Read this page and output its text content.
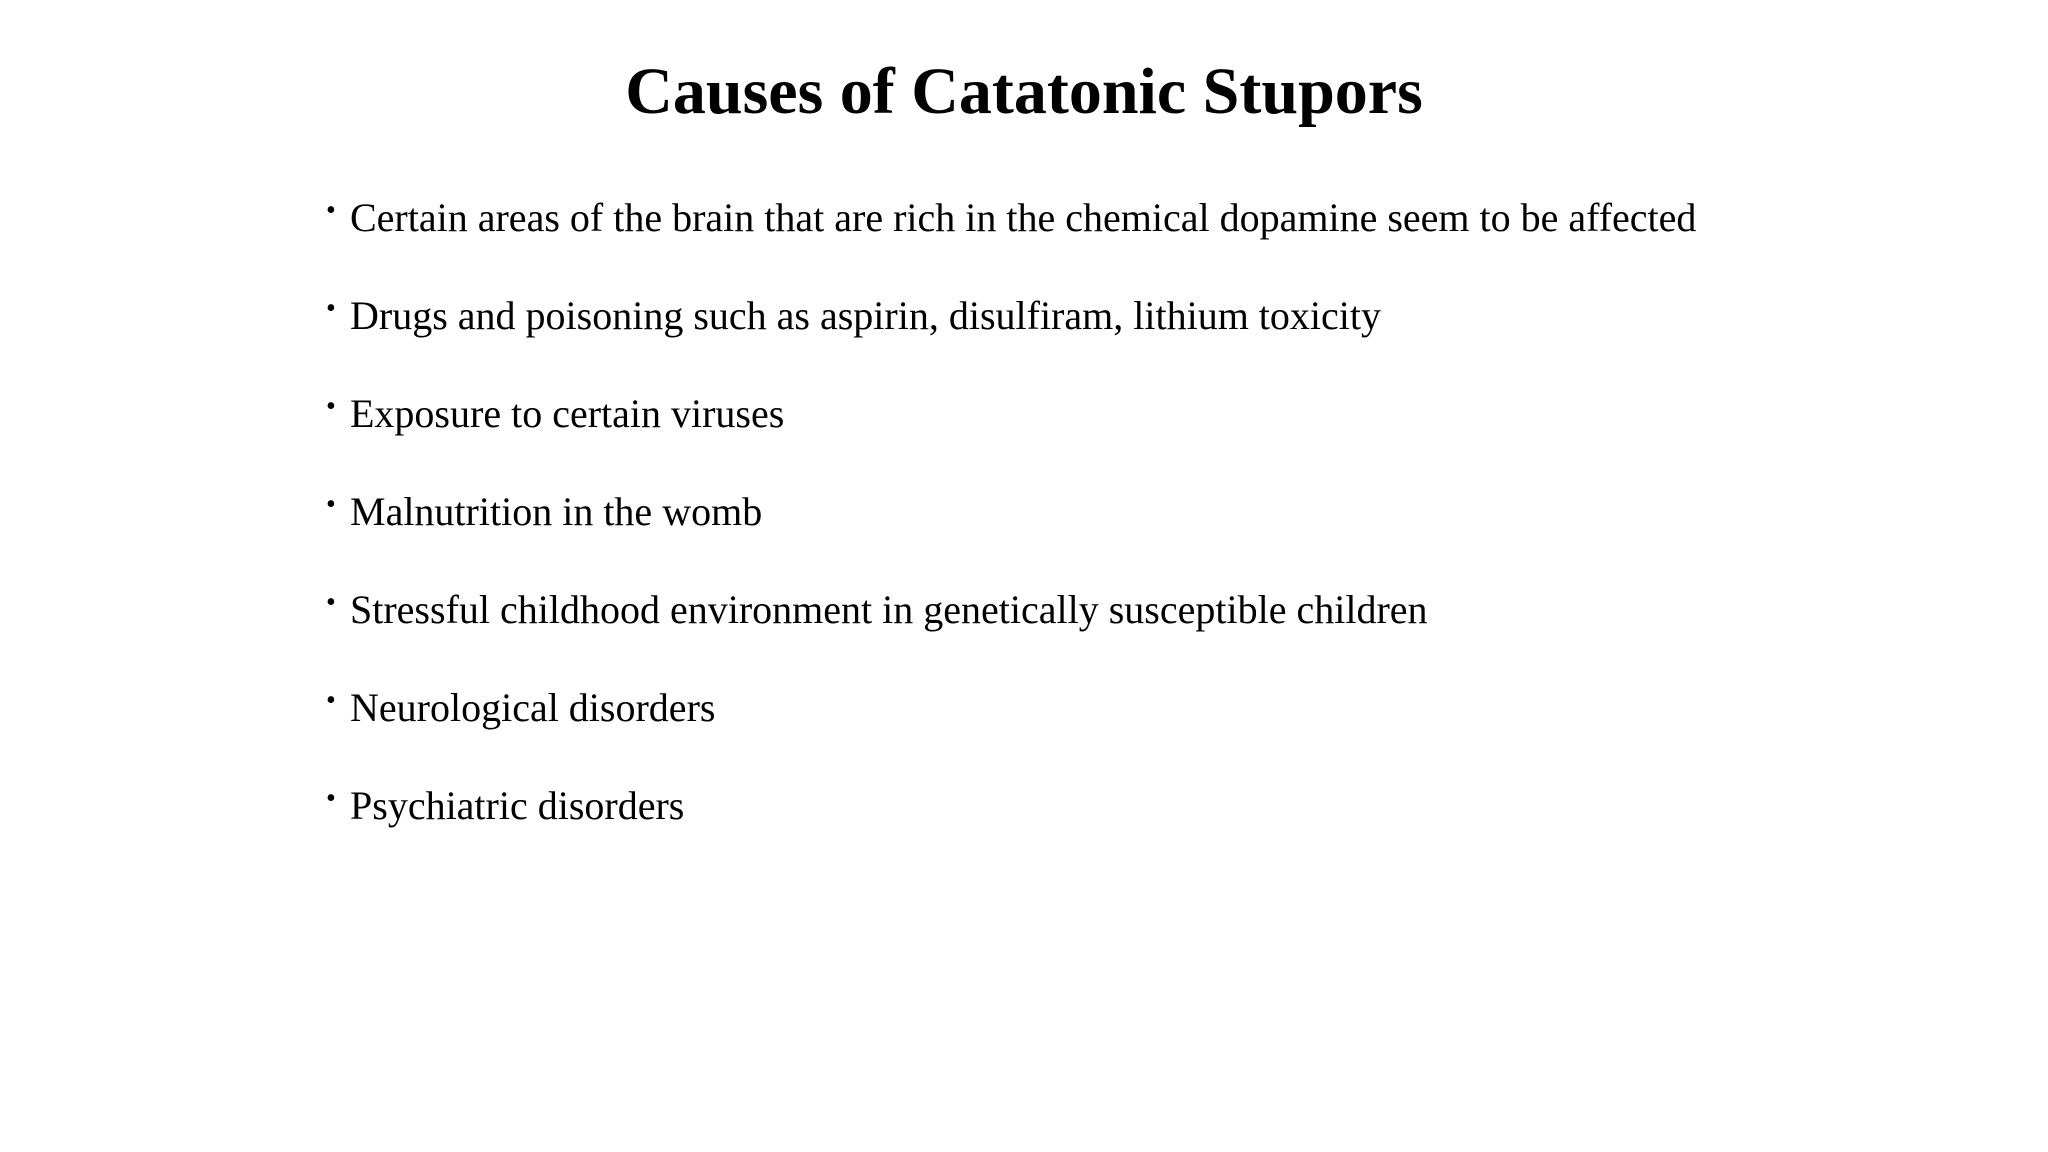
Causes of Catatonic Stupors
• Certain areas of the brain that are rich in the chemical dopamine seem to be affected
• Drugs and poisoning such as aspirin, disulfiram, lithium toxicity
• Exposure to certain viruses
• Malnutrition in the womb
• Stressful childhood environment in genetically susceptible children
• Neurological disorders
• Psychiatric disorders
